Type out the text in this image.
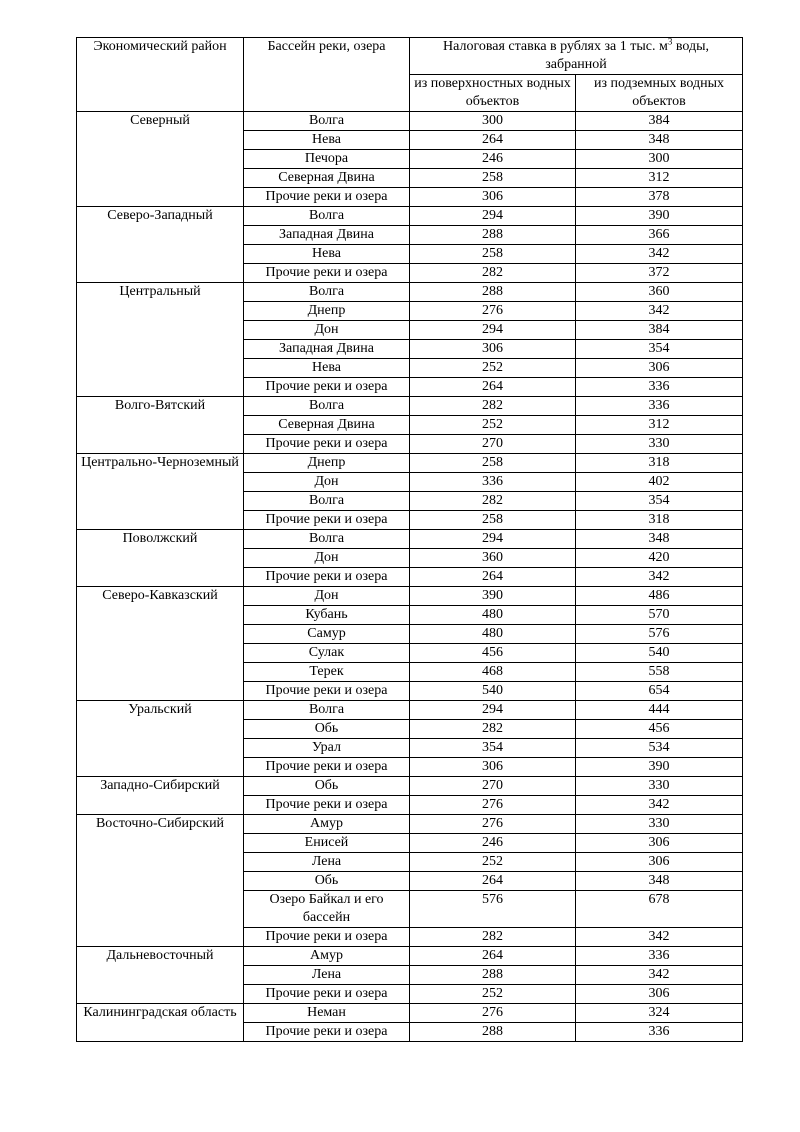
Экономический район	Бассейн реки, озера	Налоговая ставка в рублях за 1 тыс. $м^3$ воды, забранной	
		из поверхностных водных объектов	из подземных водных объектов
Северный	Волга	300	384
	Нева	264	348
	Печора	246	300
	Северная Двина	258	312
	Прочие реки и озера	306	378
Северо-Западный	Волга	294	390
	Западная Двина	288	366
	Нева	258	342
	Прочие реки и озера	282	372
Центральный	Волга	288	360
	Днепр	276	342
	Дон	294	384
	Западная Двина	306	354
	Нева	252	306
	Прочие реки и озера	264	336
Волго-Вятский	Волга	282	336
	Северная Двина	252	312
	Прочие реки и озера	270	330
Центрально-Черноземный	Днепр	258	318
	Дон	336	402
	Волга	282	354
	Прочие реки и озера	258	318
Поволжский	Волга	294	348
	Дон	360	420
	Прочие реки и озера	264	342
Северо-Кавказский	Дон	390	486
	Кубань	480	570
	Самур	480	576
	Сулак	456	540
	Терек	468	558
	Прочие реки и озера	540	654
Уральский	Волга	294	444
	Обь	282	456
	Урал	354	534
	Прочие реки и озера	306	390
Западно-Сибирский	Обь	270	330
	Прочие реки и озера	276	342
Восточно-Сибирский	Амур	276	330
	Енисей	246	306
	Лена	252	306
	Обь	264	348
	Озеро Байкал и его бассейн	576	678
	Прочие реки и озера	282	342
Дальневосточный	Амур	264	336
	Лена	288	342
	Прочие реки и озера	252	306
Калининградская область	Неман	276	324
	Прочие реки и озера	288	336
